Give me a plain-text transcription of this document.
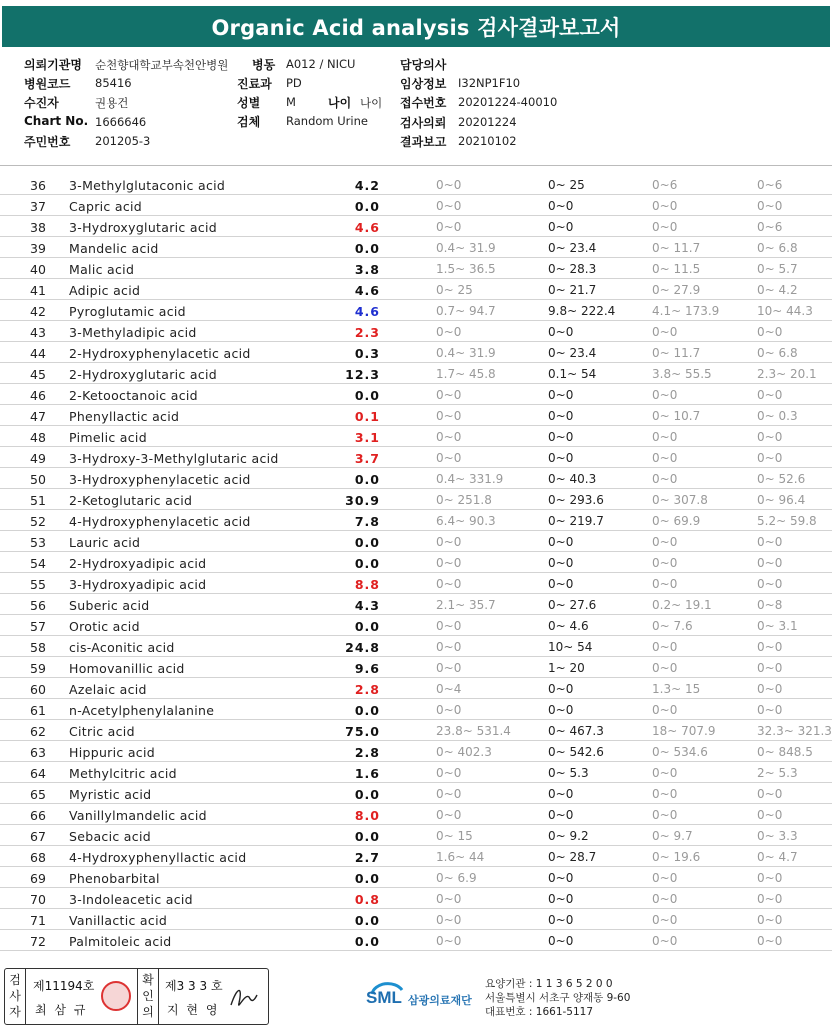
Organic Acid analysis 검사결과보고서
의뢰기관명 순천향대학교부속천안병원 병동 A012 / NICU	담당의사
병원코드 85416	진료과 PD	임상정보 I32NP1F10
수진자	권용건	성별 M	나이 나이 접수번호 20201224-40010
Chart No. 1666646	검체 Random Urine	검사의뢰 20201224
주민번호 201205-3	결과보고 20210102
36	3-Methylglutaconic acid	4.2	0~0	0~ 25	0~6	0~6
37	Capric acid	0.0	0~0	0~0	0~0	0~0
38	3-Hydroxyglutaric acid	4.6	0~0	0~0	0~0	0~6
39	Mandelic acid	0.0	0.4~ 31.9	0~ 23.4	0~ 11.7	0~ 6.8
40	Malic acid	3.8	1.5~ 36.5	0~ 28.3	0~ 11.5	0~ 5.7
41	Adipic acid	4.6	0~ 25	0~ 21.7	0~ 27.9	0~ 4.2
42	Pyroglutamic acid	4.6	0.7~ 94.7	9.8~ 222.4	4.1~ 173.9	10~ 44.3
43	3-Methyladipic acid	2.3	0~0	0~0	0~0	0~0
44	2-Hydroxyphenylacetic acid	0.3	0.4~ 31.9	0~ 23.4	0~ 11.7	0~ 6.8
45	2-Hydroxyglutaric acid	12.3	1.7~ 45.8	0.1~ 54	3.8~ 55.5	2.3~ 20.1
46	2-Ketooctanoic acid	0.0	0~0	0~0	0~0	0~0
47	Phenyllactic acid	0.1	0~0	0~0	0~ 10.7	0~ 0.3
48	Pimelic acid	3.1	0~0	0~0	0~0	0~0
49	3-Hydroxy-3-Methylglutaric acid	3.7	0~0	0~0	0~0	0~0
50	3-Hydroxyphenylacetic acid	0.0	0.4~ 331.9	0~ 40.3	0~0	0~ 52.6
51	2-Ketoglutaric acid	30.9	0~ 251.8	0~ 293.6	0~ 307.8	0~ 96.4
52	4-Hydroxyphenylacetic acid	7.8	6.4~ 90.3	0~ 219.7	0~ 69.9	5.2~ 59.8
53	Lauric acid	0.0	0~0	0~0	0~0	0~0
54	2-Hydroxyadipic acid	0.0	0~0	0~0	0~0	0~0
55	3-Hydroxyadipic acid	8.8	0~0	0~0	0~0	0~0
56	Suberic acid	4.3	2.1~ 35.7	0~ 27.6	0.2~ 19.1	0~8
57	Orotic acid	0.0	0~0	0~ 4.6	0~ 7.6	0~ 3.1
58	cis-Aconitic acid	24.8	0~0	10~ 54	0~0	0~0
59	Homovanillic acid	9.6	0~0	1~ 20	0~0	0~0
60	Azelaic acid	2.8	0~4	0~0	1.3~ 15	0~0
61	n-Acetylphenylalanine	0.0	0~0	0~0	0~0	0~0
62	Citric acid	75.0	23.8~ 531.4	0~ 467.3	18~ 707.9	32.3~ 321.3
63	Hippuric acid	2.8	0~ 402.3	0~ 542.6	0~ 534.6	0~ 848.5
64	Methylcitric acid	1.6	0~0	0~ 5.3	0~0	2~ 5.3
65	Myristic acid	0.0	0~0	0~0	0~0	0~0
66	Vanillylmandelic acid	8.0	0~0	0~0	0~0	0~0
67	Sebacic acid	0.0	0~ 15	0~ 9.2	0~ 9.7	0~ 3.3
68	4-Hydroxyphenyllactic acid	2.7	1.6~ 44	0~ 28.7	0~ 19.6	0~ 4.7
69	Phenobarbital	0.0	0~ 6.9	0~0	0~0	0~0
70	3-Indoleacetic acid	0.8	0~0	0~0	0~0	0~0
71	Vanillactic acid	0.0	0~0	0~0	0~0	0~0
72	Palmitoleic acid	0.0	0~0	0~0	0~0	0~0
검사자
제11194호
최 삼 규
확인의
제3 3 3 호
지 현 영
SML 삼광의료재단
요양기관 : 1 1 3 6 5 2 0 0
서울특별시 서초구 양재동 9-60
대표번호 : 1661-5117
